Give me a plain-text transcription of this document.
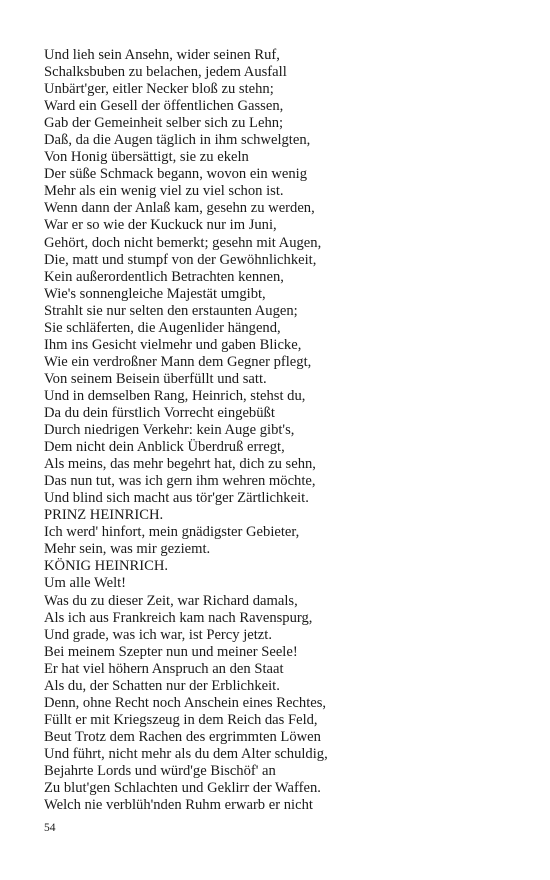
Und lieh sein Ansehn, wider seinen Ruf,
Schalksbuben zu belachen, jedem Ausfall
Unbärt'ger, eitler Necker bloß zu stehn;
Ward ein Gesell der öffentlichen Gassen,
Gab der Gemeinheit selber sich zu Lehn;
Daß, da die Augen täglich in ihm schwelgten,
Von Honig übersättigt, sie zu ekeln
Der süße Schmack begann, wovon ein wenig
Mehr als ein wenig viel zu viel schon ist.
Wenn dann der Anlaß kam, gesehn zu werden,
War er so wie der Kuckuck nur im Juni,
Gehört, doch nicht bemerkt; gesehn mit Augen,
Die, matt und stumpf von der Gewöhnlichkeit,
Kein außerordentlich Betrachten kennen,
Wie's sonnengleiche Majestät umgibt,
Strahlt sie nur selten den erstaunten Augen;
Sie schläferten, die Augenlider hängend,
Ihm ins Gesicht vielmehr und gaben Blicke,
Wie ein verdroßner Mann dem Gegner pflegt,
Von seinem Beisein überfüllt und satt.
Und in demselben Rang, Heinrich, stehst du,
Da du dein fürstlich Vorrecht eingebüßt
Durch niedrigen Verkehr: kein Auge gibt's,
Dem nicht dein Anblick Überdruß erregt,
Als meins, das mehr begehrt hat, dich zu sehn,
Das nun tut, was ich gern ihm wehren möchte,
Und blind sich macht aus tör'ger Zärtlichkeit.
PRINZ HEINRICH.
Ich werd' hinfort, mein gnädigster Gebieter,
Mehr sein, was mir geziemt.
KÖNIG HEINRICH.
Um alle Welt!
Was du zu dieser Zeit, war Richard damals,
Als ich aus Frankreich kam nach Ravenspurg,
Und grade, was ich war, ist Percy jetzt.
Bei meinem Szepter nun und meiner Seele!
Er hat viel höhern Anspruch an den Staat
Als du, der Schatten nur der Erblichkeit.
Denn, ohne Recht noch Anschein eines Rechtes,
Füllt er mit Kriegszeug in dem Reich das Feld,
Beut Trotz dem Rachen des ergrimmten Löwen
Und führt, nicht mehr als du dem Alter schuldig,
Bejahrte Lords und würd'ge Bischöf' an
Zu blut'gen Schlachten und Geklirr der Waffen.
Welch nie verblüh'nden Ruhm erwarb er nicht
54
